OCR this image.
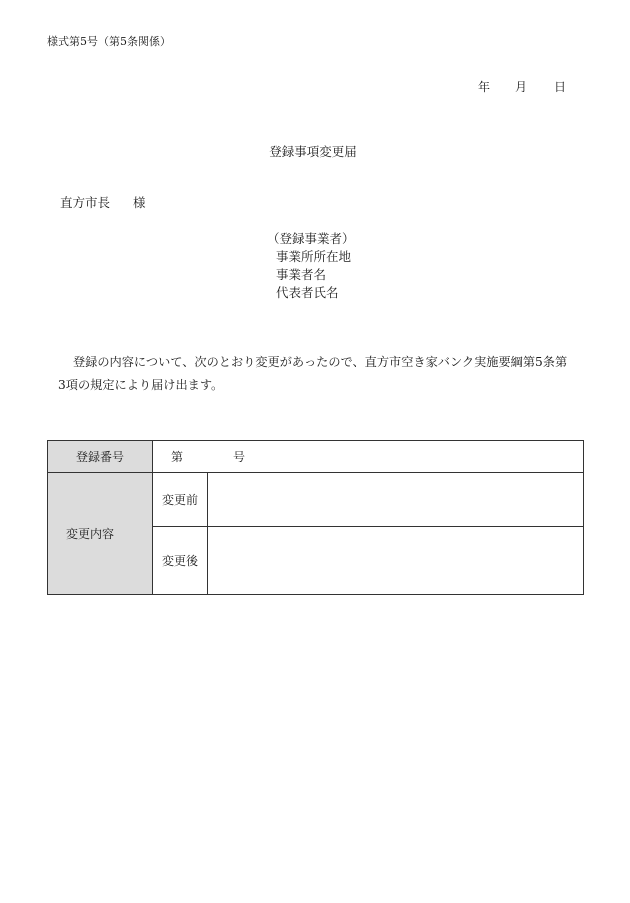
様式第5号（第5条関係）
年 月 日
登録事項変更届
直方市長 様
（登録事業者）
事業所所在地
事業者名
代表者氏名
登録の内容について、次のとおり変更があったので、直方市空き家バンク実施要綱第5条第
3項の規定により届け出ます。
登録番号	第 号	
変更内容	変更前	
	変更後	
